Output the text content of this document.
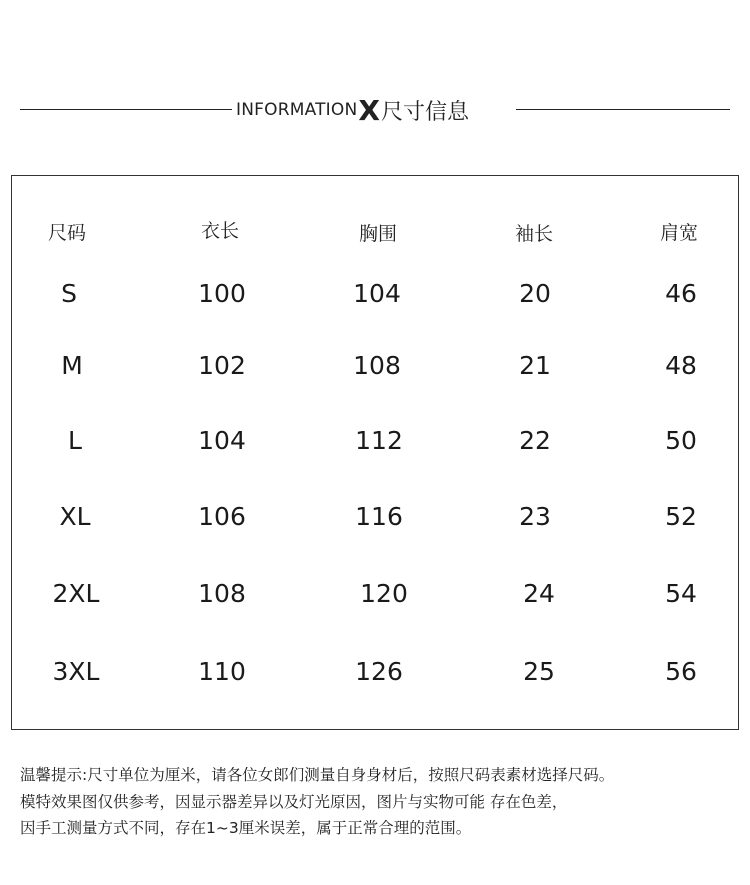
INFORMATION X 尺寸信息
尺码	衣长	胸围	袖长	肩宽
S	100	104	20	46
M	102	108	21	48
L	104	112	22	50
XL	106	116	23	52
2XL	108	120	24	54
3XL	110	126	25	56
温馨提示:尺寸单位为厘米，请各位女郎们测量自身身材后，按照尺码表素材选择尺码。
模特效果图仅供参考，因显示器差异以及灯光原因，图片与实物可能 存在色差，
因手工测量方式不同，存在1~3厘米误差，属于正常合理的范围。
